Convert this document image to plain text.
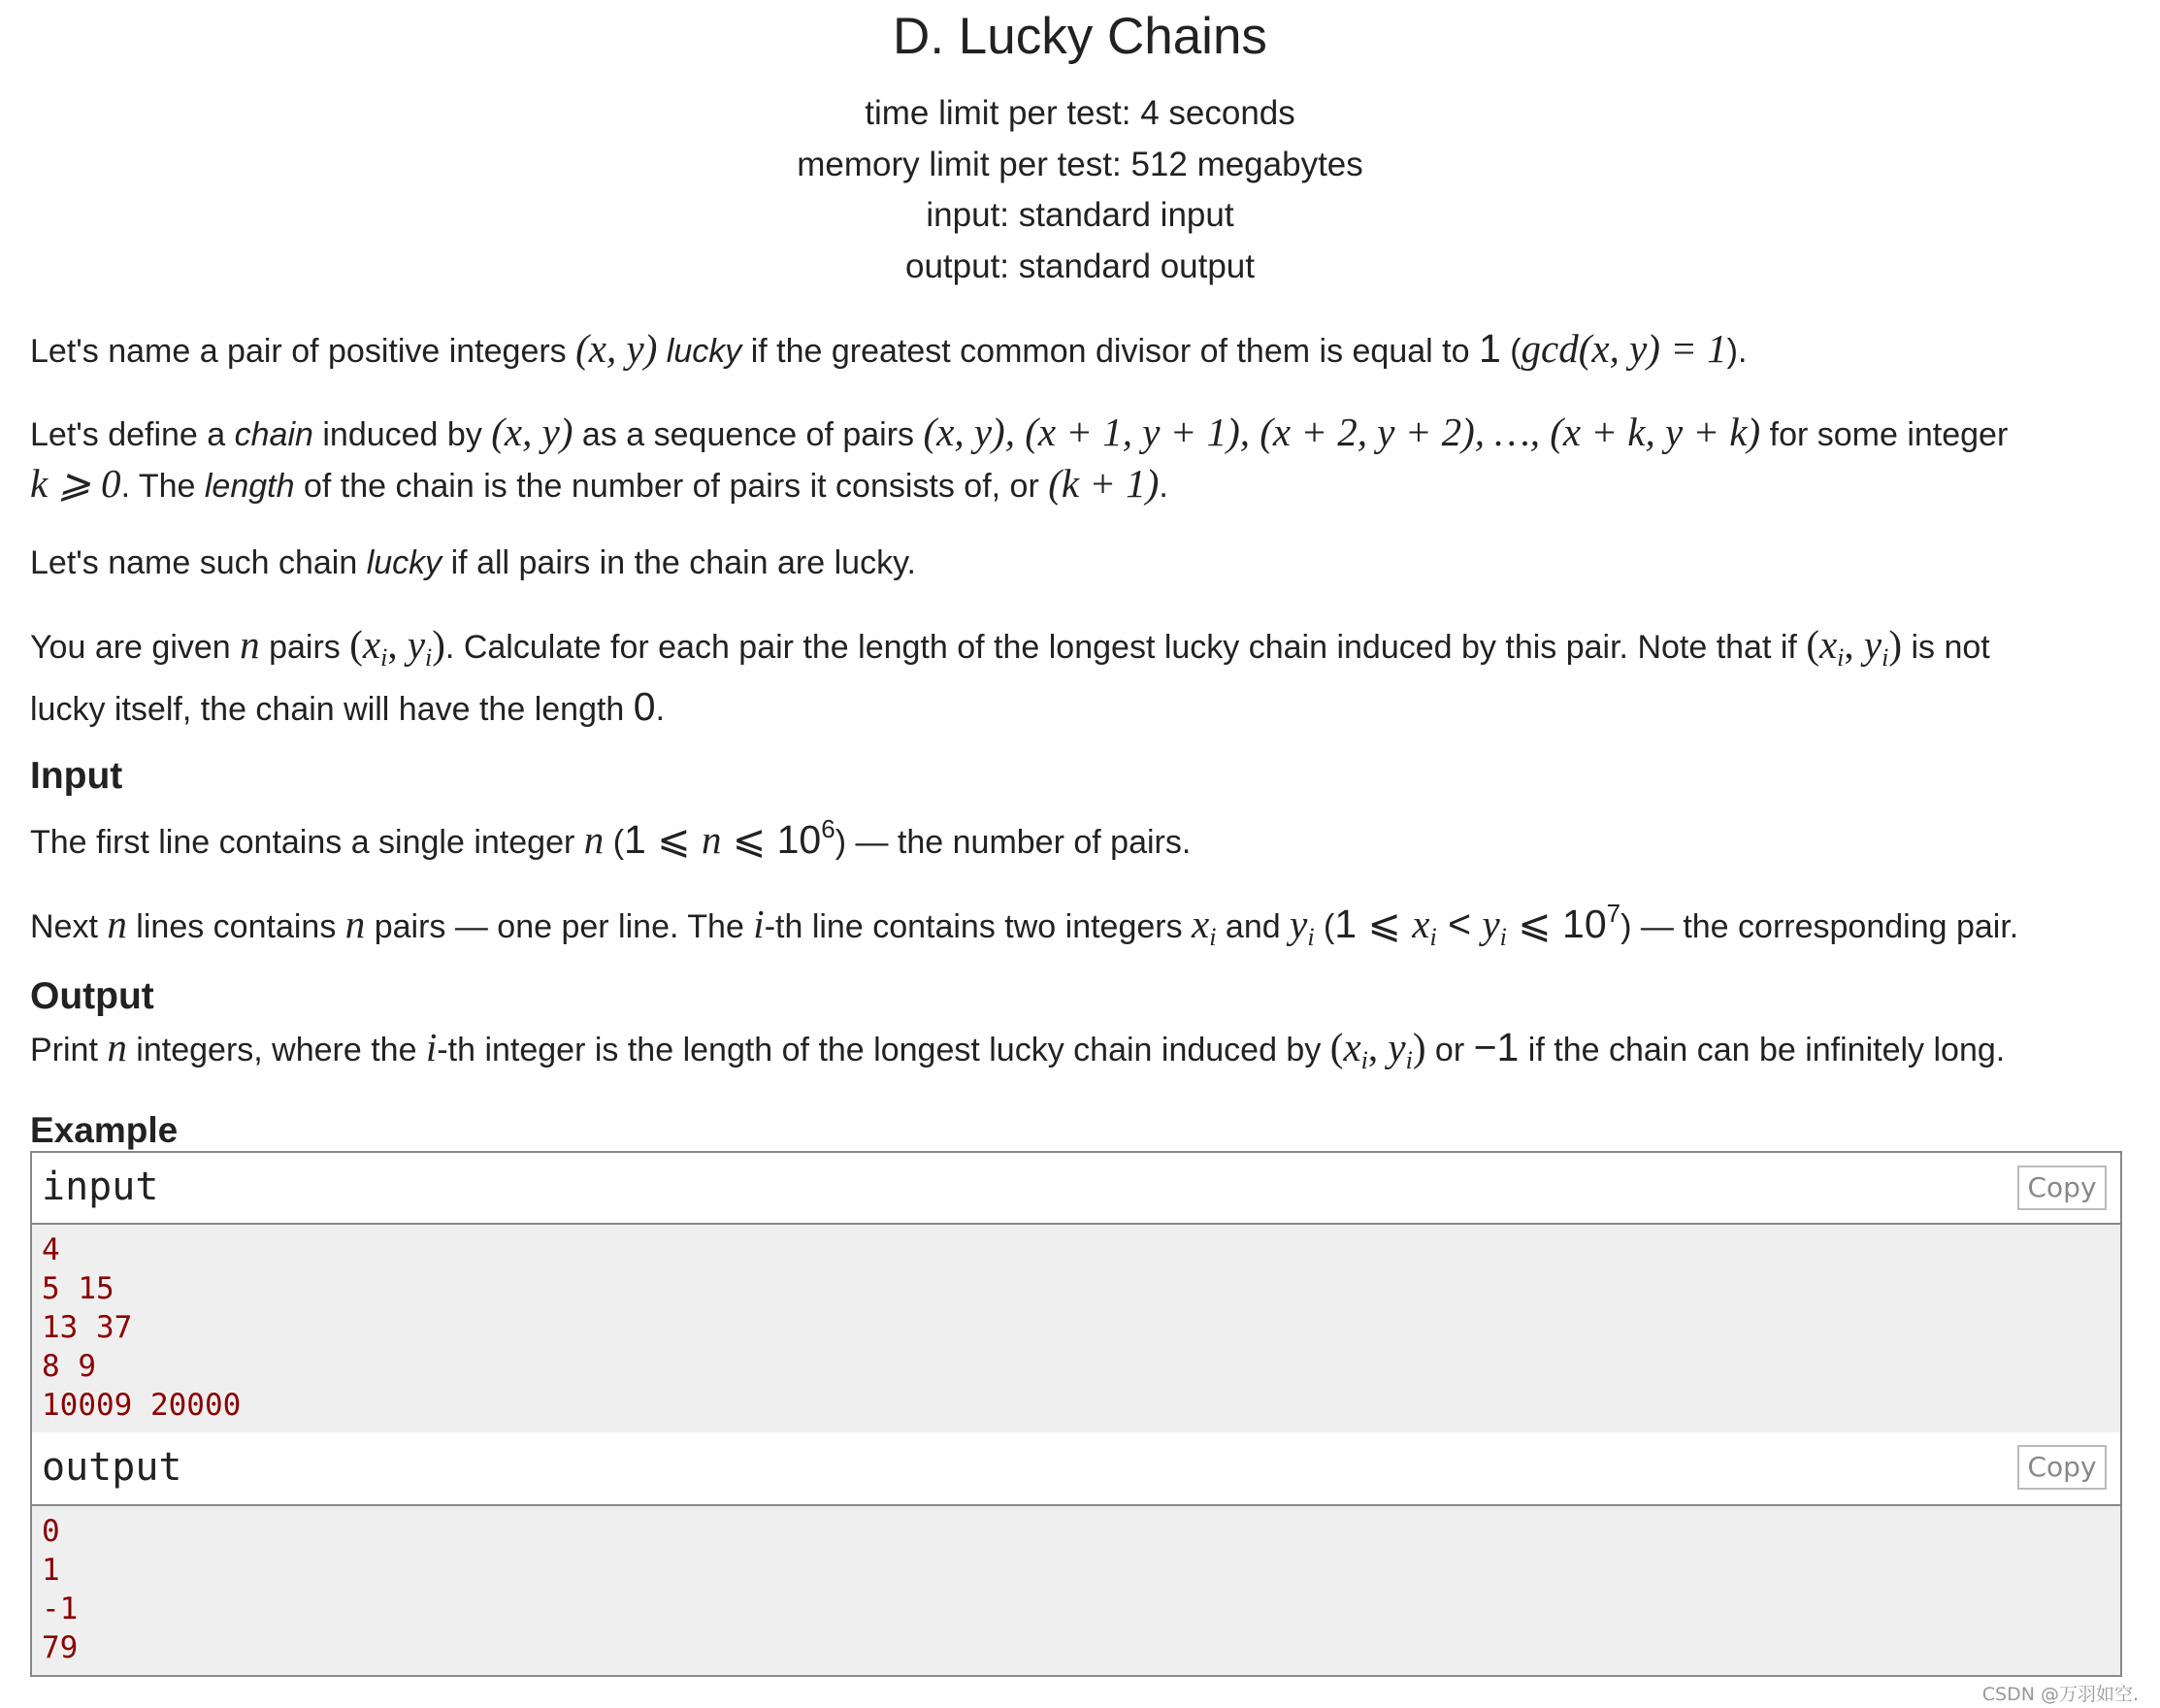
D. Lucky Chains
time limit per test: 4 seconds
memory limit per test: 512 megabytes
input: standard input
output: standard output
Let's name a pair of positive integers (x, y) lucky if the greatest common divisor of them is equal to 1 (gcd(x, y) = 1).
Let's define a chain induced by (x, y) as a sequence of pairs (x, y), (x + 1, y + 1), (x + 2, y + 2), …, (x + k, y + k) for some integer
k ⩾ 0. The length of the chain is the number of pairs it consists of, or (k + 1).
Let's name such chain lucky if all pairs in the chain are lucky.
You are given n pairs ($x_i$, $y_i$). Calculate for each pair the length of the longest lucky chain induced by this pair. Note that if ($x_i$, $y_i$) is not
lucky itself, the chain will have the length 0.
Input
The first line contains a single integer n (1 ⩽ n ⩽ $10^6$) — the number of pairs.
Next n lines contains n pairs — one per line. The i-th line contains two integers $x_i$ and $y_i$ (1 ⩽ $x_i < y_i$ ⩽ $10^7$) — the corresponding pair.
Output
Print n integers, where the i-th integer is the length of the longest lucky chain induced by ($x_i$, $y_i$) or −1 if the chain can be infinitely long.
Example
input	Copy
4
5 15
13 37
8 9
10009 20000
output	Copy
0
1
-1
79
CSDN @万羽如空.
